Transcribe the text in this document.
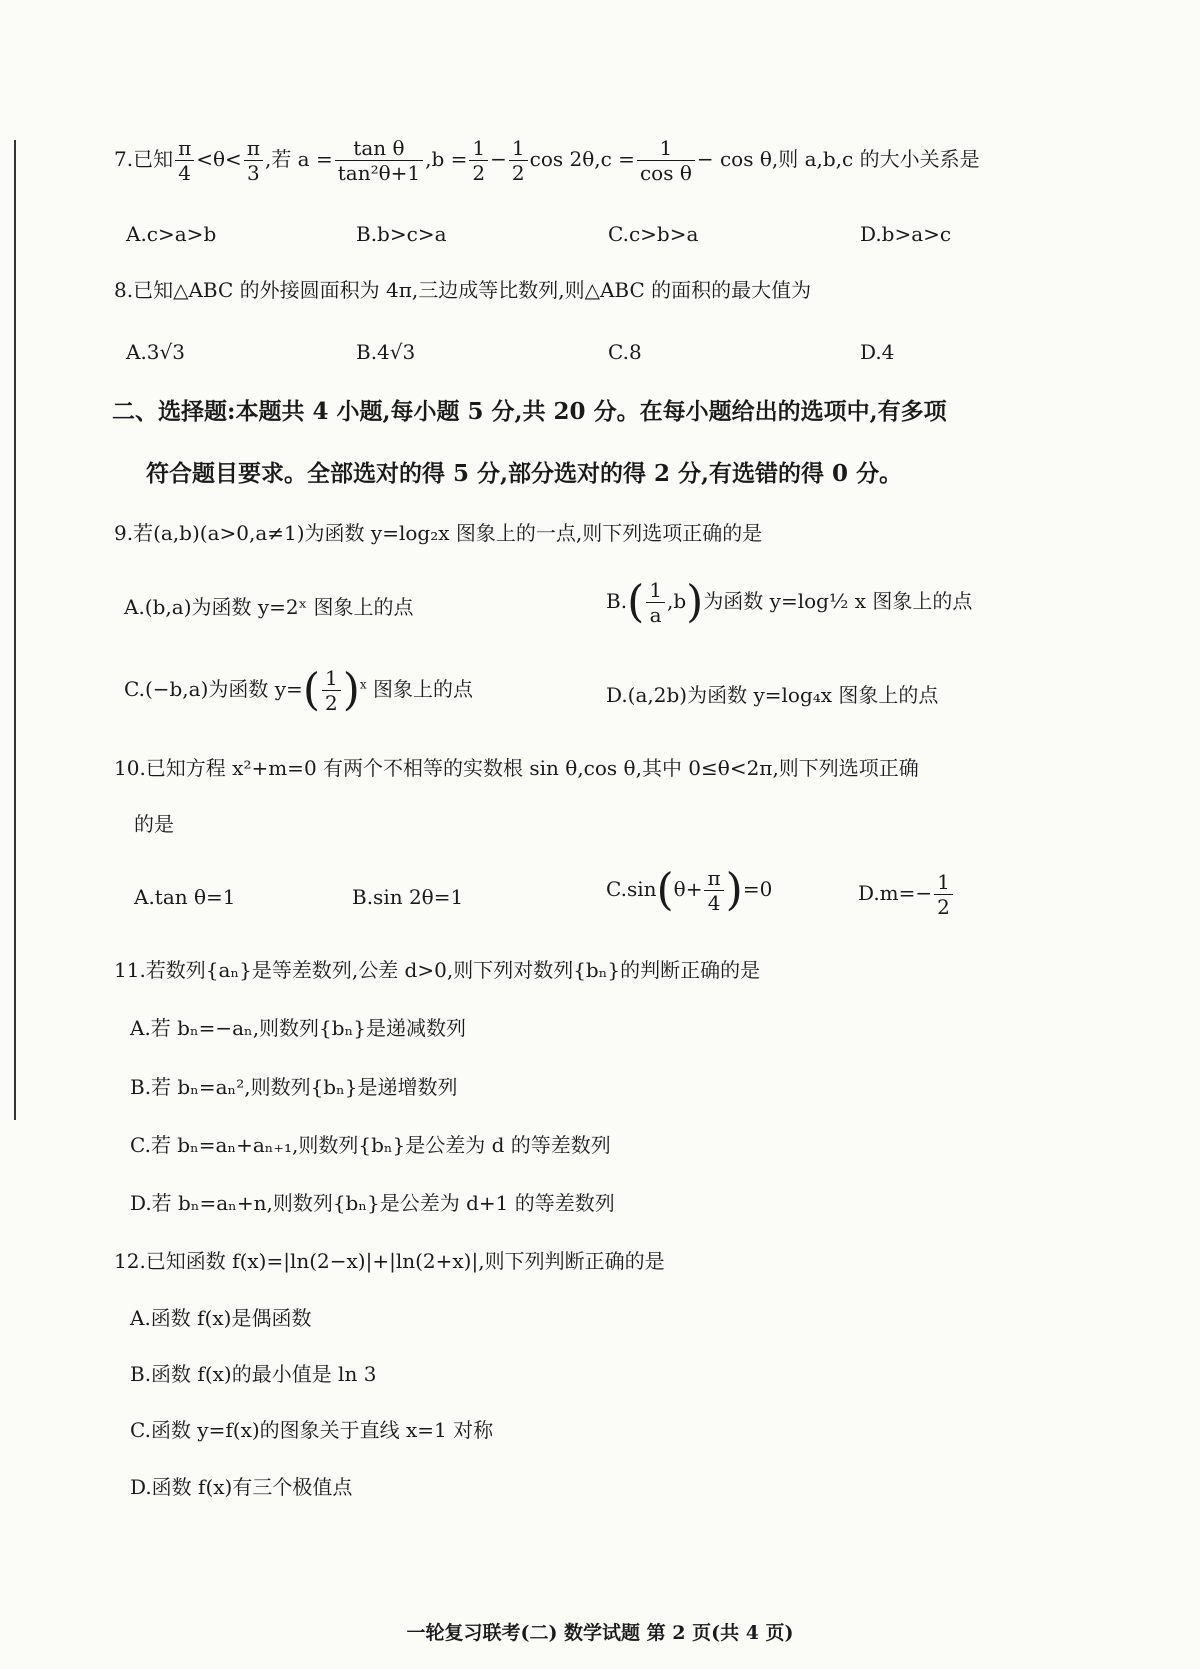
7.已知 $\frac{\pi}{4} <\theta< \frac{\pi}{3}$ ,若 $a = \frac{\text{tan θ}}{\text{tan²θ+1}} ,b = \frac{1}{2} - \frac{1}{2}$ $\cos 2\theta,c = \frac{1}{\text{cos θ}} - \cos \theta$,则 a,b,c 的大小关系是
A.c>a>b	B.b>c>a	C.c>b>a	D.b>a>c
8.已知△ABC 的外接圆面积为 4π,三边成等比数列,则△ABC 的面积的最大值为
A.3√3	B.4√3	C.8	D.4
二、选择题:本题共 4 小题,每小题 5 分,共 20 分。在每小题给出的选项中,有多项
符合题目要求。全部选对的得 5 分,部分选对的得 2 分,有选错的得 0 分。
9.若(a,b)(a>0,a≠1)为函数 y=log₂x 图象上的一点,则下列选项正确的是
A.(b,a)为函数 y=2ˣ 图象上的点	$B.( \frac{1}{a} ,b)$为函数 y=log½ x 图象上的点
C.(−b,a)为函数 $y=( \frac{1}{2} )^x$ 图象上的点	D.(a,2b)为函数 y=log₄x 图象上的点
10.已知方程 x²+m=0 有两个不相等的实数根 sin θ,cos θ,其中 0≤θ<2π,则下列选项正确
的是
A.tan θ=1	B.sin 2θ=1	$C.\sin(\theta+ \frac{\pi}{4} )=0$	$D.m=- \frac{1}{2}$
11.若数列{aₙ}是等差数列,公差 d>0,则下列对数列{bₙ}的判断正确的是
A.若 bₙ=−aₙ,则数列{bₙ}是递减数列
B.若 bₙ=aₙ²,则数列{bₙ}是递增数列
C.若 bₙ=aₙ+aₙ₊₁,则数列{bₙ}是公差为 d 的等差数列
D.若 bₙ=aₙ+n,则数列{bₙ}是公差为 d+1 的等差数列
12.已知函数 f(x)=|ln(2−x)|+|ln(2+x)|,则下列判断正确的是
A.函数 f(x)是偶函数
B.函数 f(x)的最小值是 ln 3
C.函数 y=f(x)的图象关于直线 x=1 对称
D.函数 f(x)有三个极值点
一轮复习联考(二) 数学试题 第 2 页(共 4 页)
